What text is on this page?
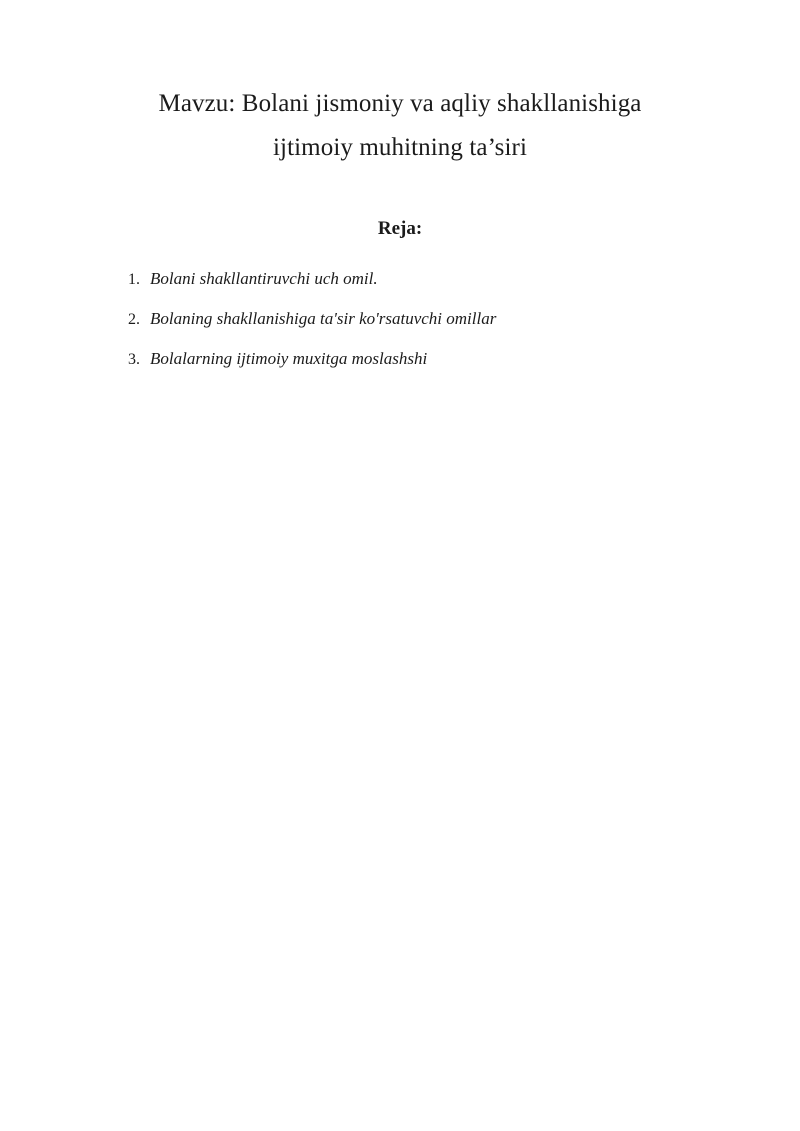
Mavzu: Bolani jismoniy va aqliy shakllanishiga
ijtimoiy muhitning ta’siri
Reja:
1. Bolani shakllantiruvchi uch omil.
2. Bolaning shakllanishiga ta'sir ko'rsatuvchi omillar
3. Bolalarning ijtimoiy muxitga moslashshi
